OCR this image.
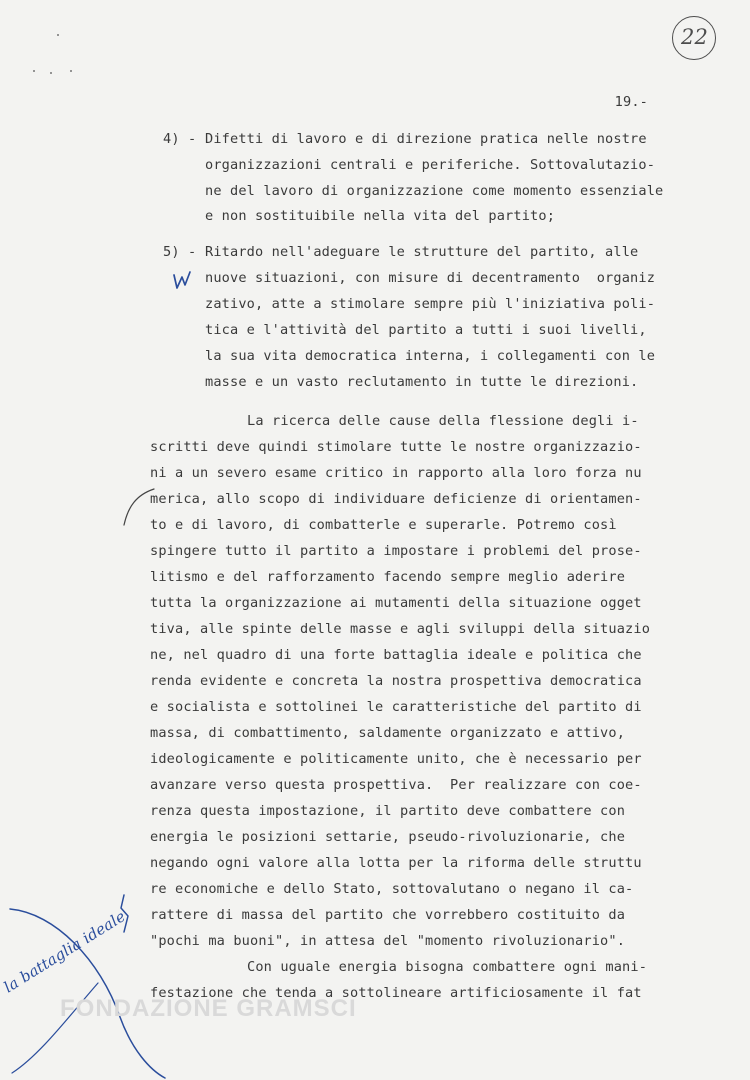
22
19.-
4) - Difetti di lavoro e di direzione pratica nelle nostre
organizzazioni centrali e periferiche. Sottovalutazio-
ne del lavoro di organizzazione come momento essenziale
e non sostituibile nella vita del partito;
5) - Ritardo nell'adeguare le strutture del partito, alle
nuove situazioni, con misure di decentramento  organiz
zativo, atte a stimolare sempre più l'iniziativa poli-
tica e l'attività del partito a tutti i suoi livelli,
la sua vita democratica interna, i collegamenti con le
masse e un vasto reclutamento in tutte le direzioni.
La ricerca delle cause della flessione degli i-
scritti deve quindi stimolare tutte le nostre organizzazio-
ni a un severo esame critico in rapporto alla loro forza nu
merica, allo scopo di individuare deficienze di orientamen-
to e di lavoro, di combatterle e superarle. Potremo così
spingere tutto il partito a impostare i problemi del prose-
litismo e del rafforzamento facendo sempre meglio aderire
tutta la organizzazione ai mutamenti della situazione ogget
tiva, alle spinte delle masse e agli sviluppi della situazio
ne, nel quadro di una forte battaglia ideale e politica che
renda evidente e concreta la nostra prospettiva democratica
e socialista e sottolinei le caratteristiche del partito di
massa, di combattimento, saldamente organizzato e attivo,
ideologicamente e politicamente unito, che è necessario per
avanzare verso questa prospettiva.  Per realizzare con coe-
renza questa impostazione, il partito deve combattere con
energia le posizioni settarie, pseudo-rivoluzionarie, che
negando ogni valore alla lotta per la riforma delle struttu
re economiche e dello Stato, sottovalutano o negano il ca-
rattere di massa del partito che vorrebbero costituito da
"pochi ma buoni", in attesa del "momento rivoluzionario".
Con uguale energia bisogna combattere ogni mani-
festazione che tenda a sottolineare artificiosamente il fat
la battaglia ideale
FONDAZIONE GRAMSCI
